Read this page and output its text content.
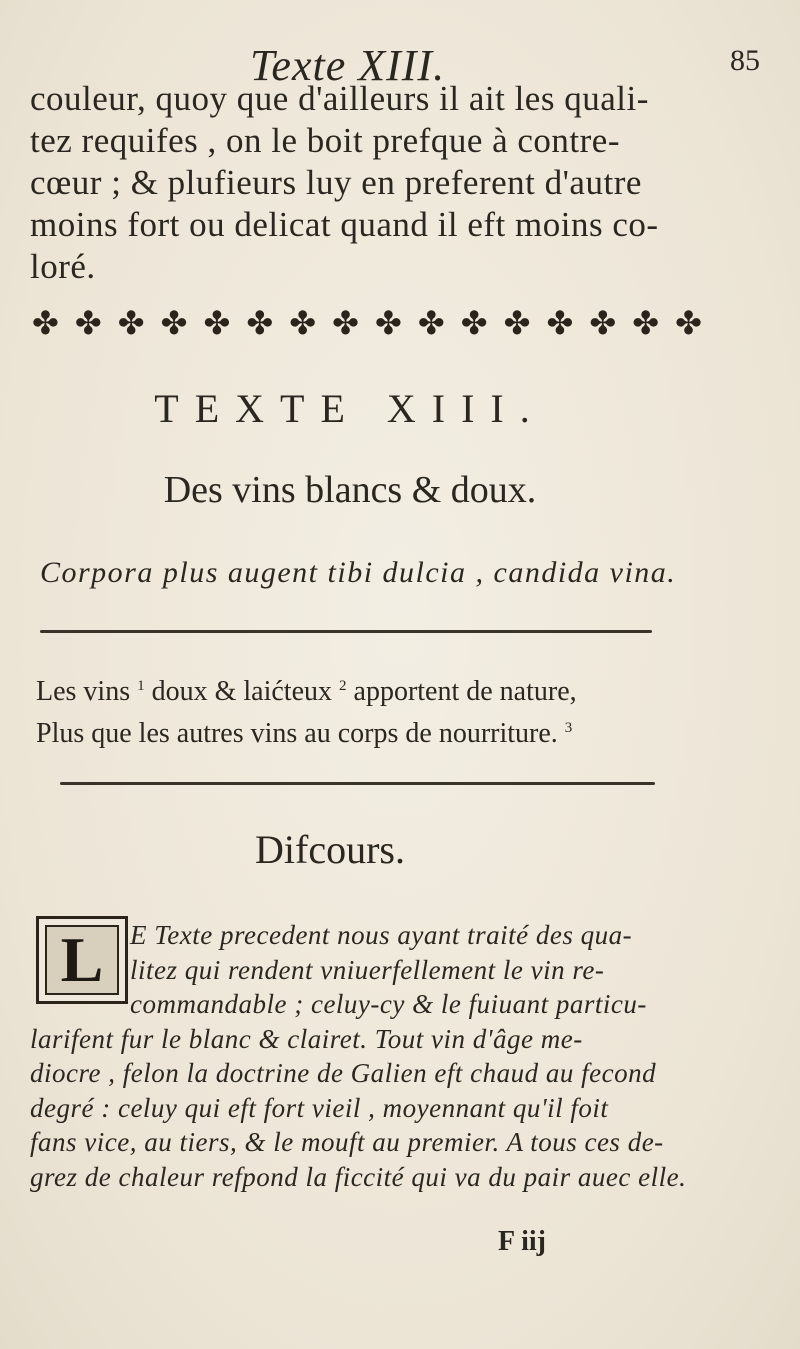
Texte XIII.	85
couleur, quoy que d'ailleurs il ait les quali-
tez requifes , on le boit prefque à contre-
cœur ; & plufieurs luy en preferent d'autre
moins fort ou delicat quand il eft moins co-
loré.
✤ ✤ ✤ ✤ ✤ ✤ ✤ ✤ ✤ ✤ ✤ ✤ ✤ ✤ ✤ ✤
TEXTE XIII.
Des vins blancs & doux.
Corpora plus augent tibi dulcia , candida vina.
Les vins $^1$ doux & laićteux $^2$ apportent de nature,
Plus que les autres vins au corps de nourriture. $^3$
Difcours.
L E Texte precedent nous ayant traité des qua-
litez qui rendent vniuerfellement le vin re-
commandable ; celuy-cy & le fuiuant particu-
larifent fur le blanc & clairet. Tout vin d'âge me-
diocre , felon la doctrine de Galien eft chaud au fecond
degré : celuy qui eft fort vieil , moyennant qu'il foit
fans vice, au tiers, & le mouft au premier. A tous ces de-
grez de chaleur refpond la ficcité qui va du pair auec elle.
F iij
